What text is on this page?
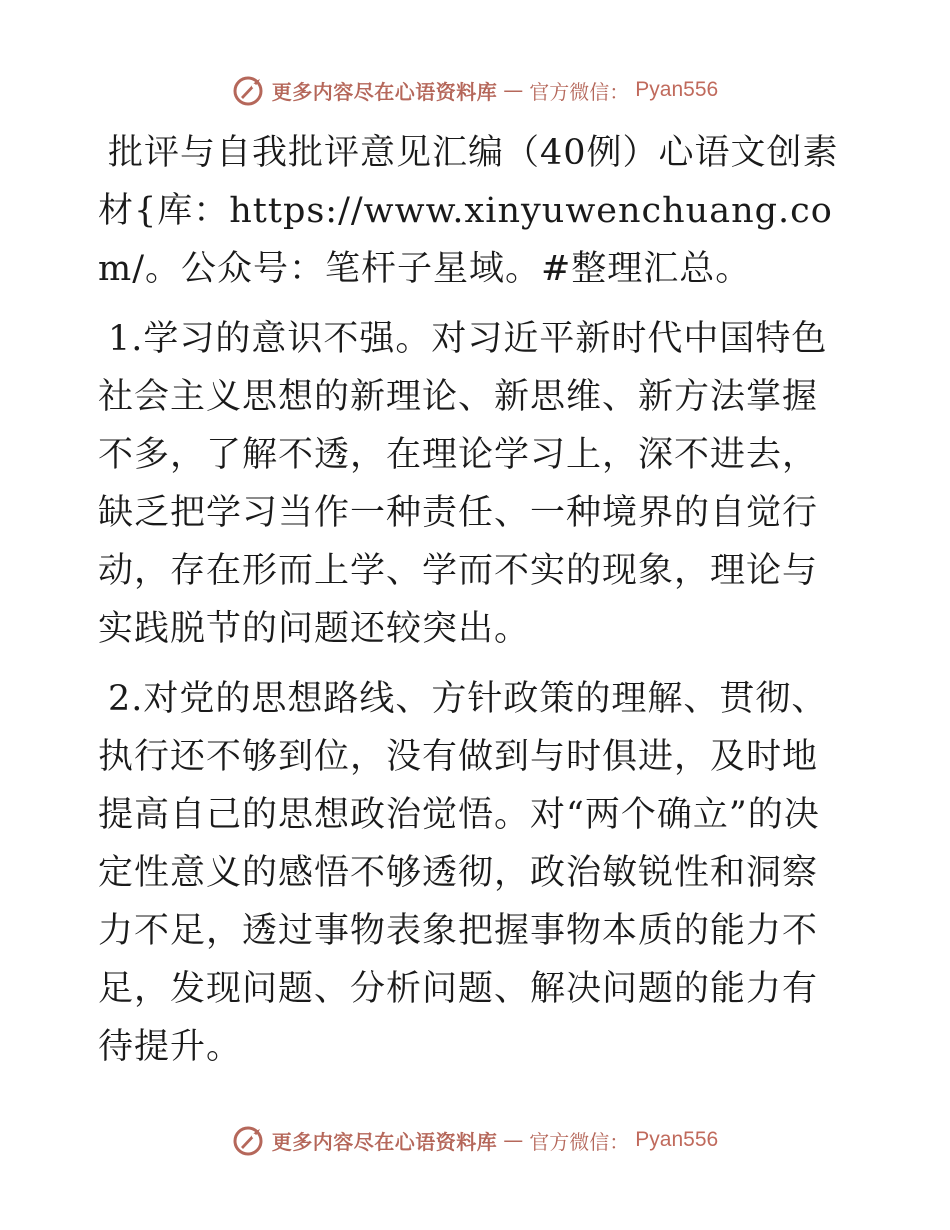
更多内容尽在心语资料库 — 官方微信： Pyan556

批评与自我批评意见汇编（40例）心语文创素材{库：https://www.xinyuwenchuang.com/。公众号：笔杆子星域。#整理汇总。

1.学习的意识不强。对习近平新时代中国特色社会主义思想的新理论、新思维、新方法掌握不多，了解不透，在理论学习上，深不进去，缺乏把学习当作一种责任、一种境界的自觉行动，存在形而上学、学而不实的现象，理论与实践脱节的问题还较突出。

2.对党的思想路线、方针政策的理解、贯彻、执行还不够到位，没有做到与时俱进，及时地提高自己的思想政治觉悟。对“两个确立”的决定性意义的感悟不够透彻，政治敏锐性和洞察力不足，透过事物表象把握事物本质的能力不足，发现问题、分析问题、解决问题的能力有待提升。

更多内容尽在心语资料库 — 官方微信： Pyan556
